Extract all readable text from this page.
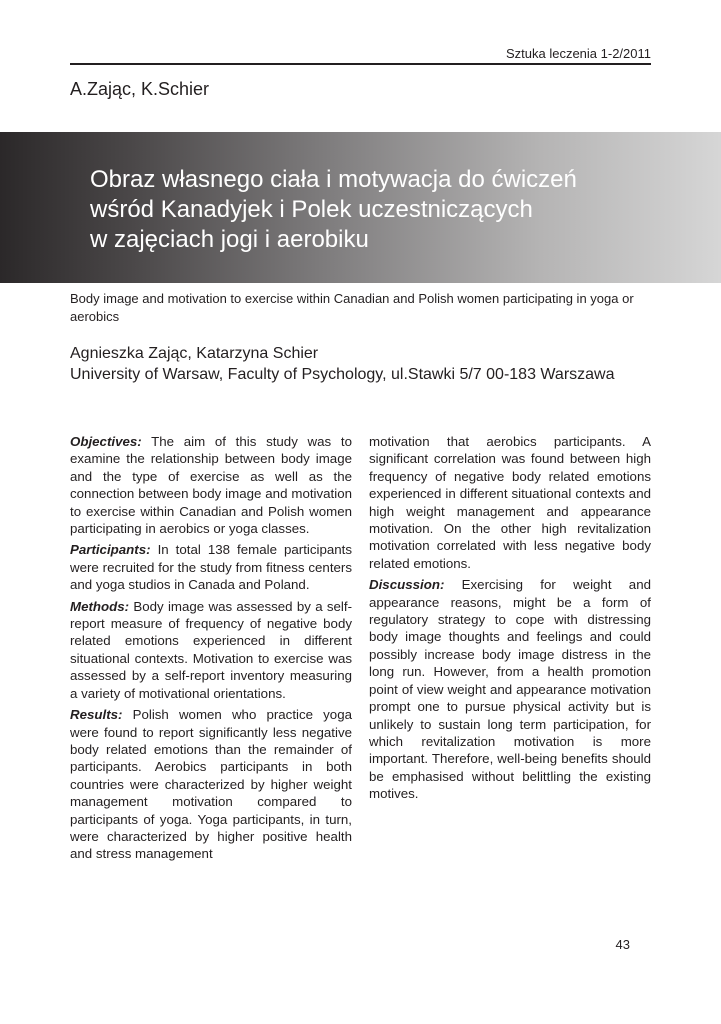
Sztuka leczenia 1-2/2011
A.Zając, K.Schier
Obraz własnego ciała i motywacja do ćwiczeń
wśród Kanadyjek i Polek uczestniczących
w zajęciach jogi i aerobiku
Body image and motivation to exercise within Canadian and Polish women participating in yoga or aerobics
Agnieszka Zając, Katarzyna Schier
University of Warsaw, Faculty of Psychology, ul.Stawki 5/7 00-183 Warszawa

Objectives: The aim of this study was to examine the relationship between body image and the type of exercise as well as the connection between body image and motivation to exercise within Canadian and Polish women participating in aerobics or yoga classes.

Participants: In total 138 female participants were recruited for the study from fitness centers and yoga studios in Canada and Poland.

Methods: Body image was assessed by a self-report measure of frequency of negative body related emotions experienced in different situational contexts. Motivation to exercise was assessed by a self-report inventory measuring a variety of motivational orientations.

Results: Polish women who practice yoga were found to report significantly less negative body related emotions than the remainder of participants. Aerobics participants in both countries were characterized by higher weight management motivation compared to participants of yoga. Yoga participants, in turn, were characterized by higher positive health and stress management

motivation that aerobics participants. A significant correlation was found between high frequency of negative body related emotions experienced in different situational contexts and high weight management and appearance motivation. On the other high revitalization motivation correlated with less negative body related emotions.

Discussion: Exercising for weight and appearance reasons, might be a form of regulatory strategy to cope with distressing body image thoughts and feelings and could possibly increase body image distress in the long run. However, from a health promotion point of view weight and appearance motivation prompt one to pursue physical activity but is unlikely to sustain long term participation, for which revitalization motivation is more important. Therefore, well-being benefits should be emphasised without belittling the existing motives.

43
